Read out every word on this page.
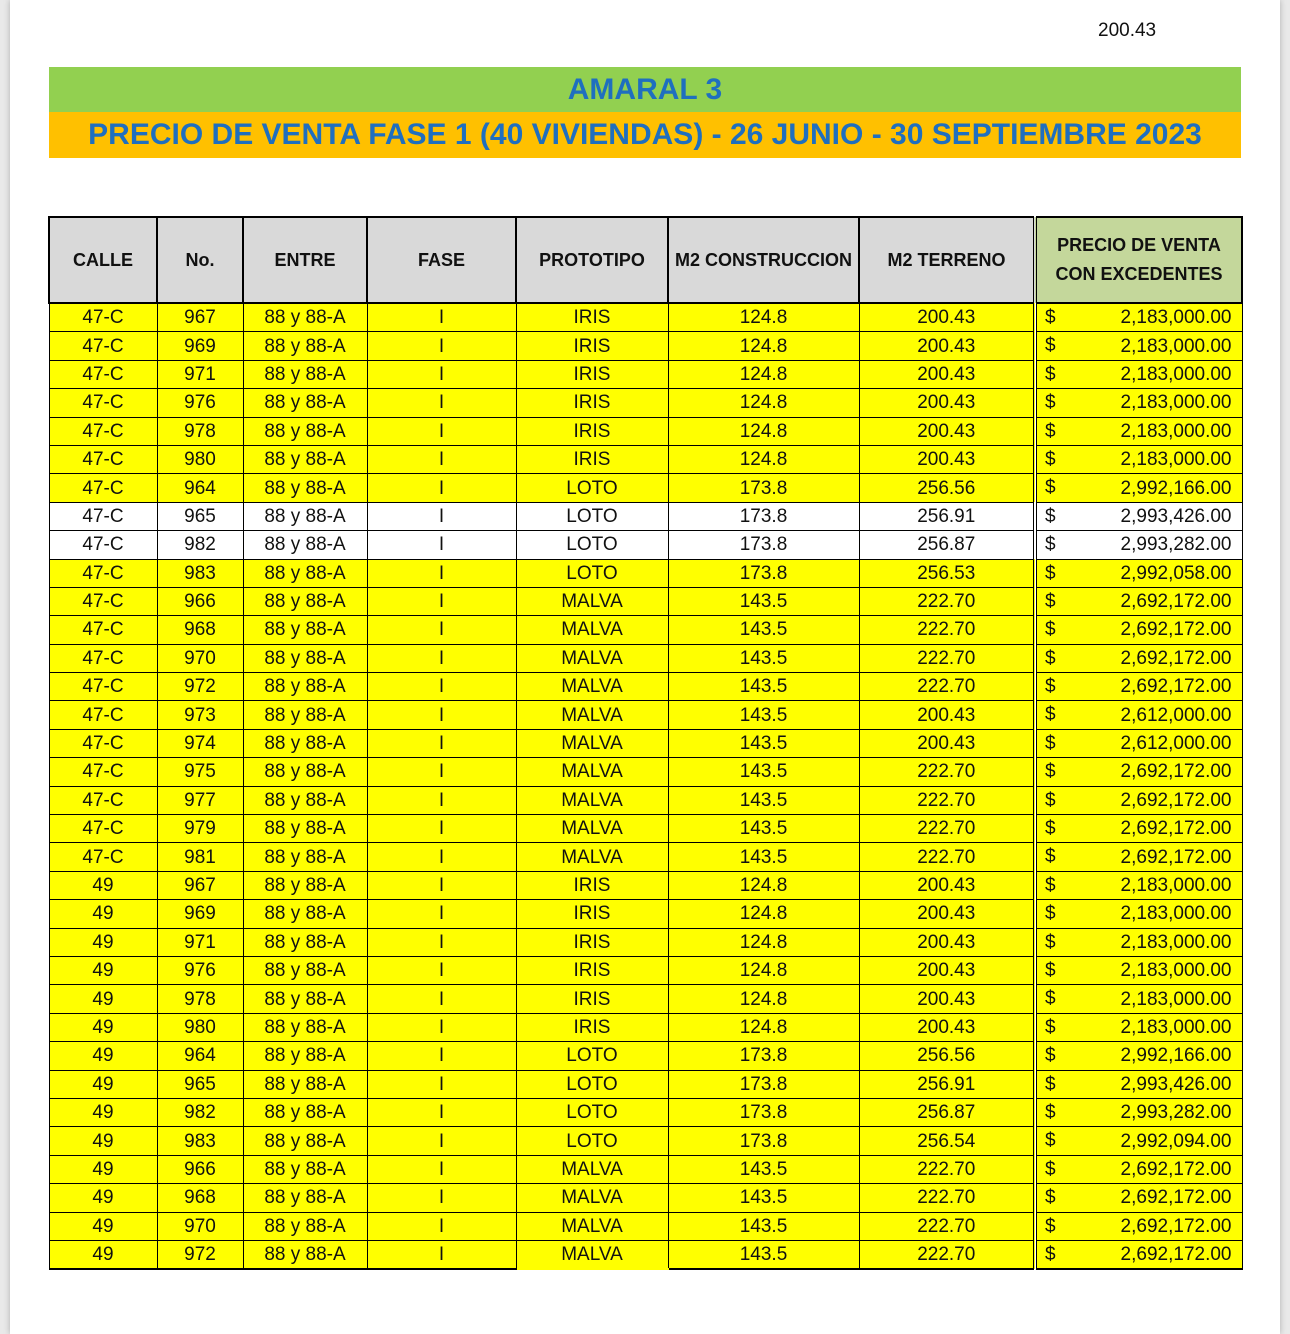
200.43
AMARAL 3
PRECIO DE VENTA FASE 1 (40 VIVIENDAS) - 26 JUNIO - 30 SEPTIEMBRE 2023
CALLE	No.	ENTRE	FASE	PROTOTIPO	M2 CONSTRUCCION	M2 TERRENO	PRECIO DE VENTA
CON EXCEDENTES
47-C	967	88 y 88-A	I	IRIS	124.8	200.43	$ 2,183,000.00
47-C	969	88 y 88-A	I	IRIS	124.8	200.43	$ 2,183,000.00
47-C	971	88 y 88-A	I	IRIS	124.8	200.43	$ 2,183,000.00
47-C	976	88 y 88-A	I	IRIS	124.8	200.43	$ 2,183,000.00
47-C	978	88 y 88-A	I	IRIS	124.8	200.43	$ 2,183,000.00
47-C	980	88 y 88-A	I	IRIS	124.8	200.43	$ 2,183,000.00
47-C	964	88 y 88-A	I	LOTO	173.8	256.56	$ 2,992,166.00
47-C	965	88 y 88-A	I	LOTO	173.8	256.91	$ 2,993,426.00
47-C	982	88 y 88-A	I	LOTO	173.8	256.87	$ 2,993,282.00
47-C	983	88 y 88-A	I	LOTO	173.8	256.53	$ 2,992,058.00
47-C	966	88 y 88-A	I	MALVA	143.5	222.70	$ 2,692,172.00
47-C	968	88 y 88-A	I	MALVA	143.5	222.70	$ 2,692,172.00
47-C	970	88 y 88-A	I	MALVA	143.5	222.70	$ 2,692,172.00
47-C	972	88 y 88-A	I	MALVA	143.5	222.70	$ 2,692,172.00
47-C	973	88 y 88-A	I	MALVA	143.5	200.43	$ 2,612,000.00
47-C	974	88 y 88-A	I	MALVA	143.5	200.43	$ 2,612,000.00
47-C	975	88 y 88-A	I	MALVA	143.5	222.70	$ 2,692,172.00
47-C	977	88 y 88-A	I	MALVA	143.5	222.70	$ 2,692,172.00
47-C	979	88 y 88-A	I	MALVA	143.5	222.70	$ 2,692,172.00
47-C	981	88 y 88-A	I	MALVA	143.5	222.70	$ 2,692,172.00
49	967	88 y 88-A	I	IRIS	124.8	200.43	$ 2,183,000.00
49	969	88 y 88-A	I	IRIS	124.8	200.43	$ 2,183,000.00
49	971	88 y 88-A	I	IRIS	124.8	200.43	$ 2,183,000.00
49	976	88 y 88-A	I	IRIS	124.8	200.43	$ 2,183,000.00
49	978	88 y 88-A	I	IRIS	124.8	200.43	$ 2,183,000.00
49	980	88 y 88-A	I	IRIS	124.8	200.43	$ 2,183,000.00
49	964	88 y 88-A	I	LOTO	173.8	256.56	$ 2,992,166.00
49	965	88 y 88-A	I	LOTO	173.8	256.91	$ 2,993,426.00
49	982	88 y 88-A	I	LOTO	173.8	256.87	$ 2,993,282.00
49	983	88 y 88-A	I	LOTO	173.8	256.54	$ 2,992,094.00
49	966	88 y 88-A	I	MALVA	143.5	222.70	$ 2,692,172.00
49	968	88 y 88-A	I	MALVA	143.5	222.70	$ 2,692,172.00
49	970	88 y 88-A	I	MALVA	143.5	222.70	$ 2,692,172.00
49	972	88 y 88-A	I	MALVA	143.5	222.70	$ 2,692,172.00
